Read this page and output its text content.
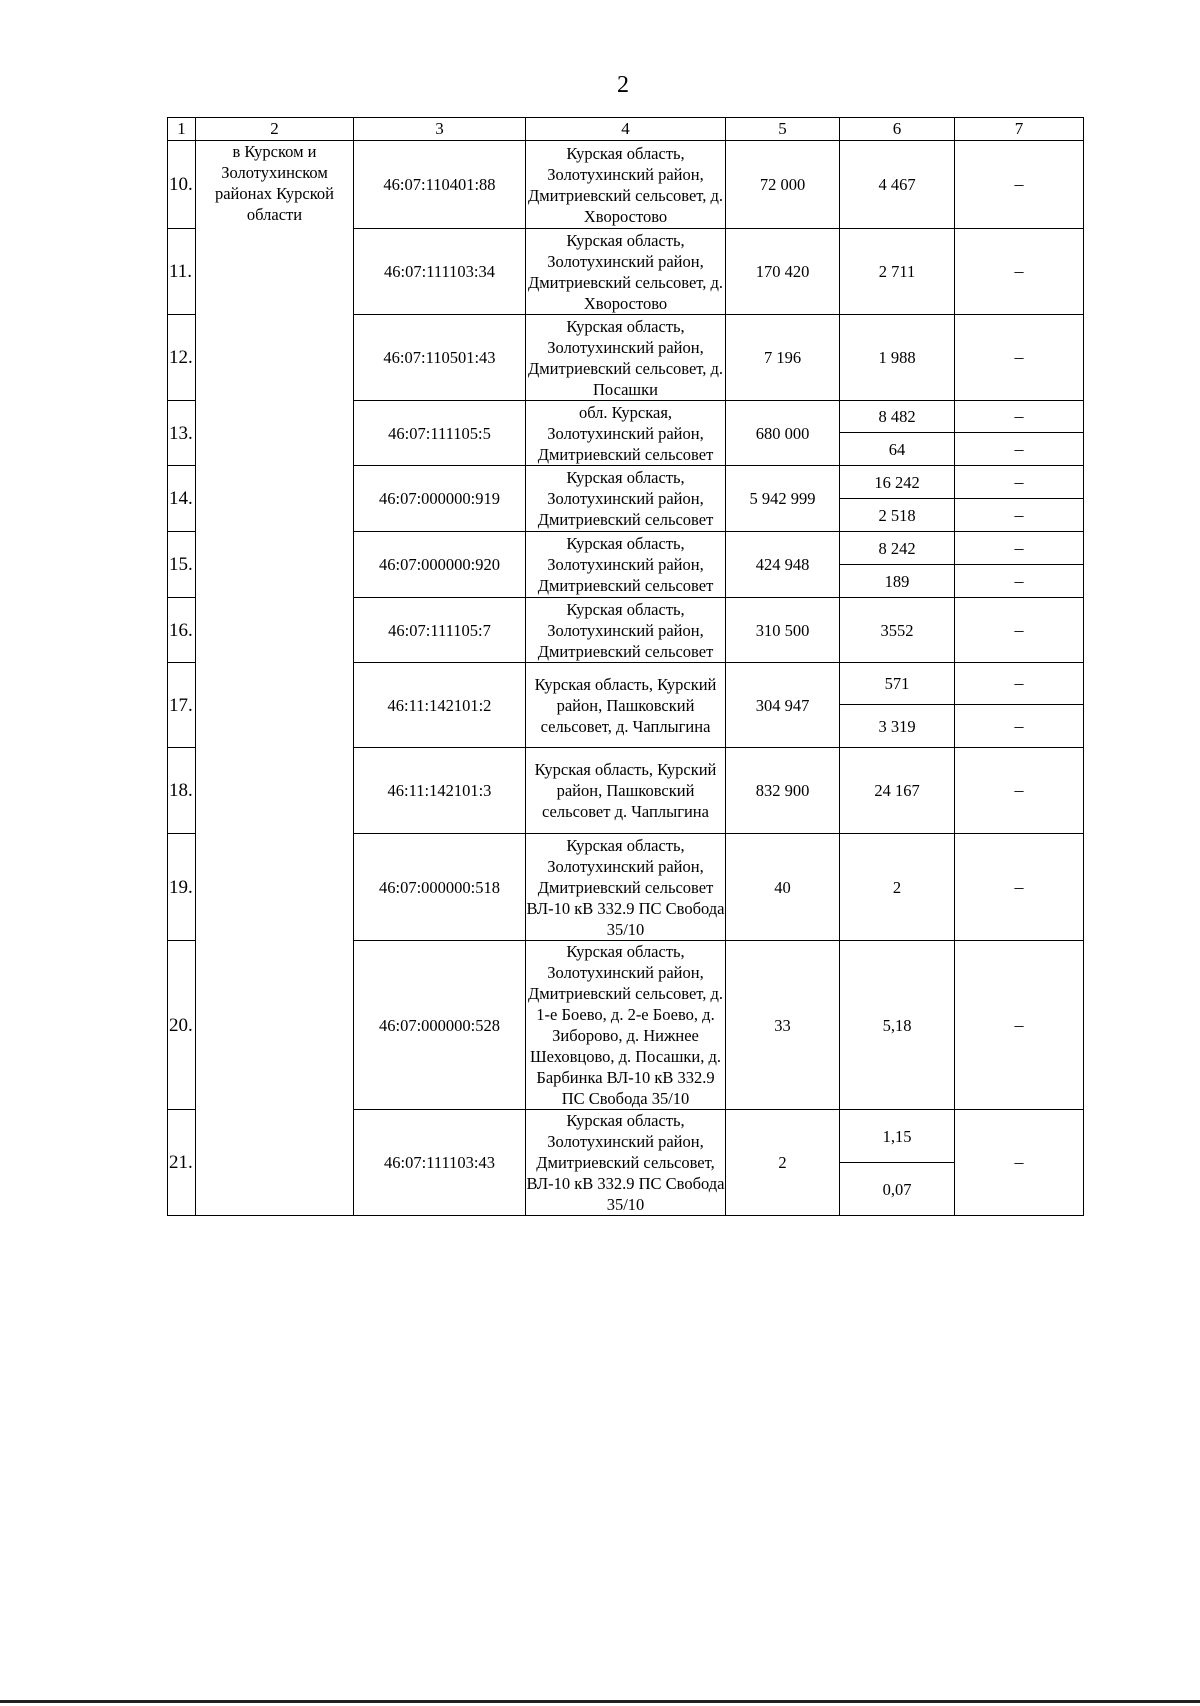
2
1	2	3	4	5	6	7
10.	в Курском и Золотухинском районах Курской области	46:07:110401:88	Курская область, Золотухинский район, Дмитриевский сельсовет, д. Хворостово	72 000	4 467	–
11.		46:07:111103:34	Курская область, Золотухинский район, Дмитриевский сельсовет, д. Хворостово	170 420	2 711	–
12.		46:07:110501:43	Курская область, Золотухинский район, Дмитриевский сельсовет, д. Посашки	7 196	1 988	–
13.		46:07:111105:5	обл. Курская, Золотухинский район, Дмитриевский сельсовет	680 000	8 482	–
					64	–
14.		46:07:000000:919	Курская область, Золотухинский район, Дмитриевский сельсовет	5 942 999	16 242	–
					2 518	–
15.		46:07:000000:920	Курская область, Золотухинский район, Дмитриевский сельсовет	424 948	8 242	–
					189	–
16.		46:07:111105:7	Курская область, Золотухинский район, Дмитриевский сельсовет	310 500	3552	–
17.		46:11:142101:2	Курская область, Курский район, Пашковский сельсовет, д. Чаплыгина	304 947	571	–
					3 319	–
18.		46:11:142101:3	Курская область, Курский район, Пашковский сельсовет д. Чаплыгина	832 900	24 167	–
19.		46:07:000000:518	Курская область, Золотухинский район, Дмитриевский сельсовет ВЛ-10 кВ 332.9 ПС Свобода 35/10	40	2	–
20.		46:07:000000:528	Курская область, Золотухинский район, Дмитриевский сельсовет, д. 1-е Боево, д. 2-е Боево, д. Зиборово, д. Нижнее Шеховцово, д. Посашки, д. Барбинка ВЛ-10 кВ 332.9 ПС Свобода 35/10	33	5,18	–
21.		46:07:111103:43	Курская область, Золотухинский район, Дмитриевский сельсовет, ВЛ-10 кВ 332.9 ПС Свобода 35/10	2	1,15	–
					0,07	
